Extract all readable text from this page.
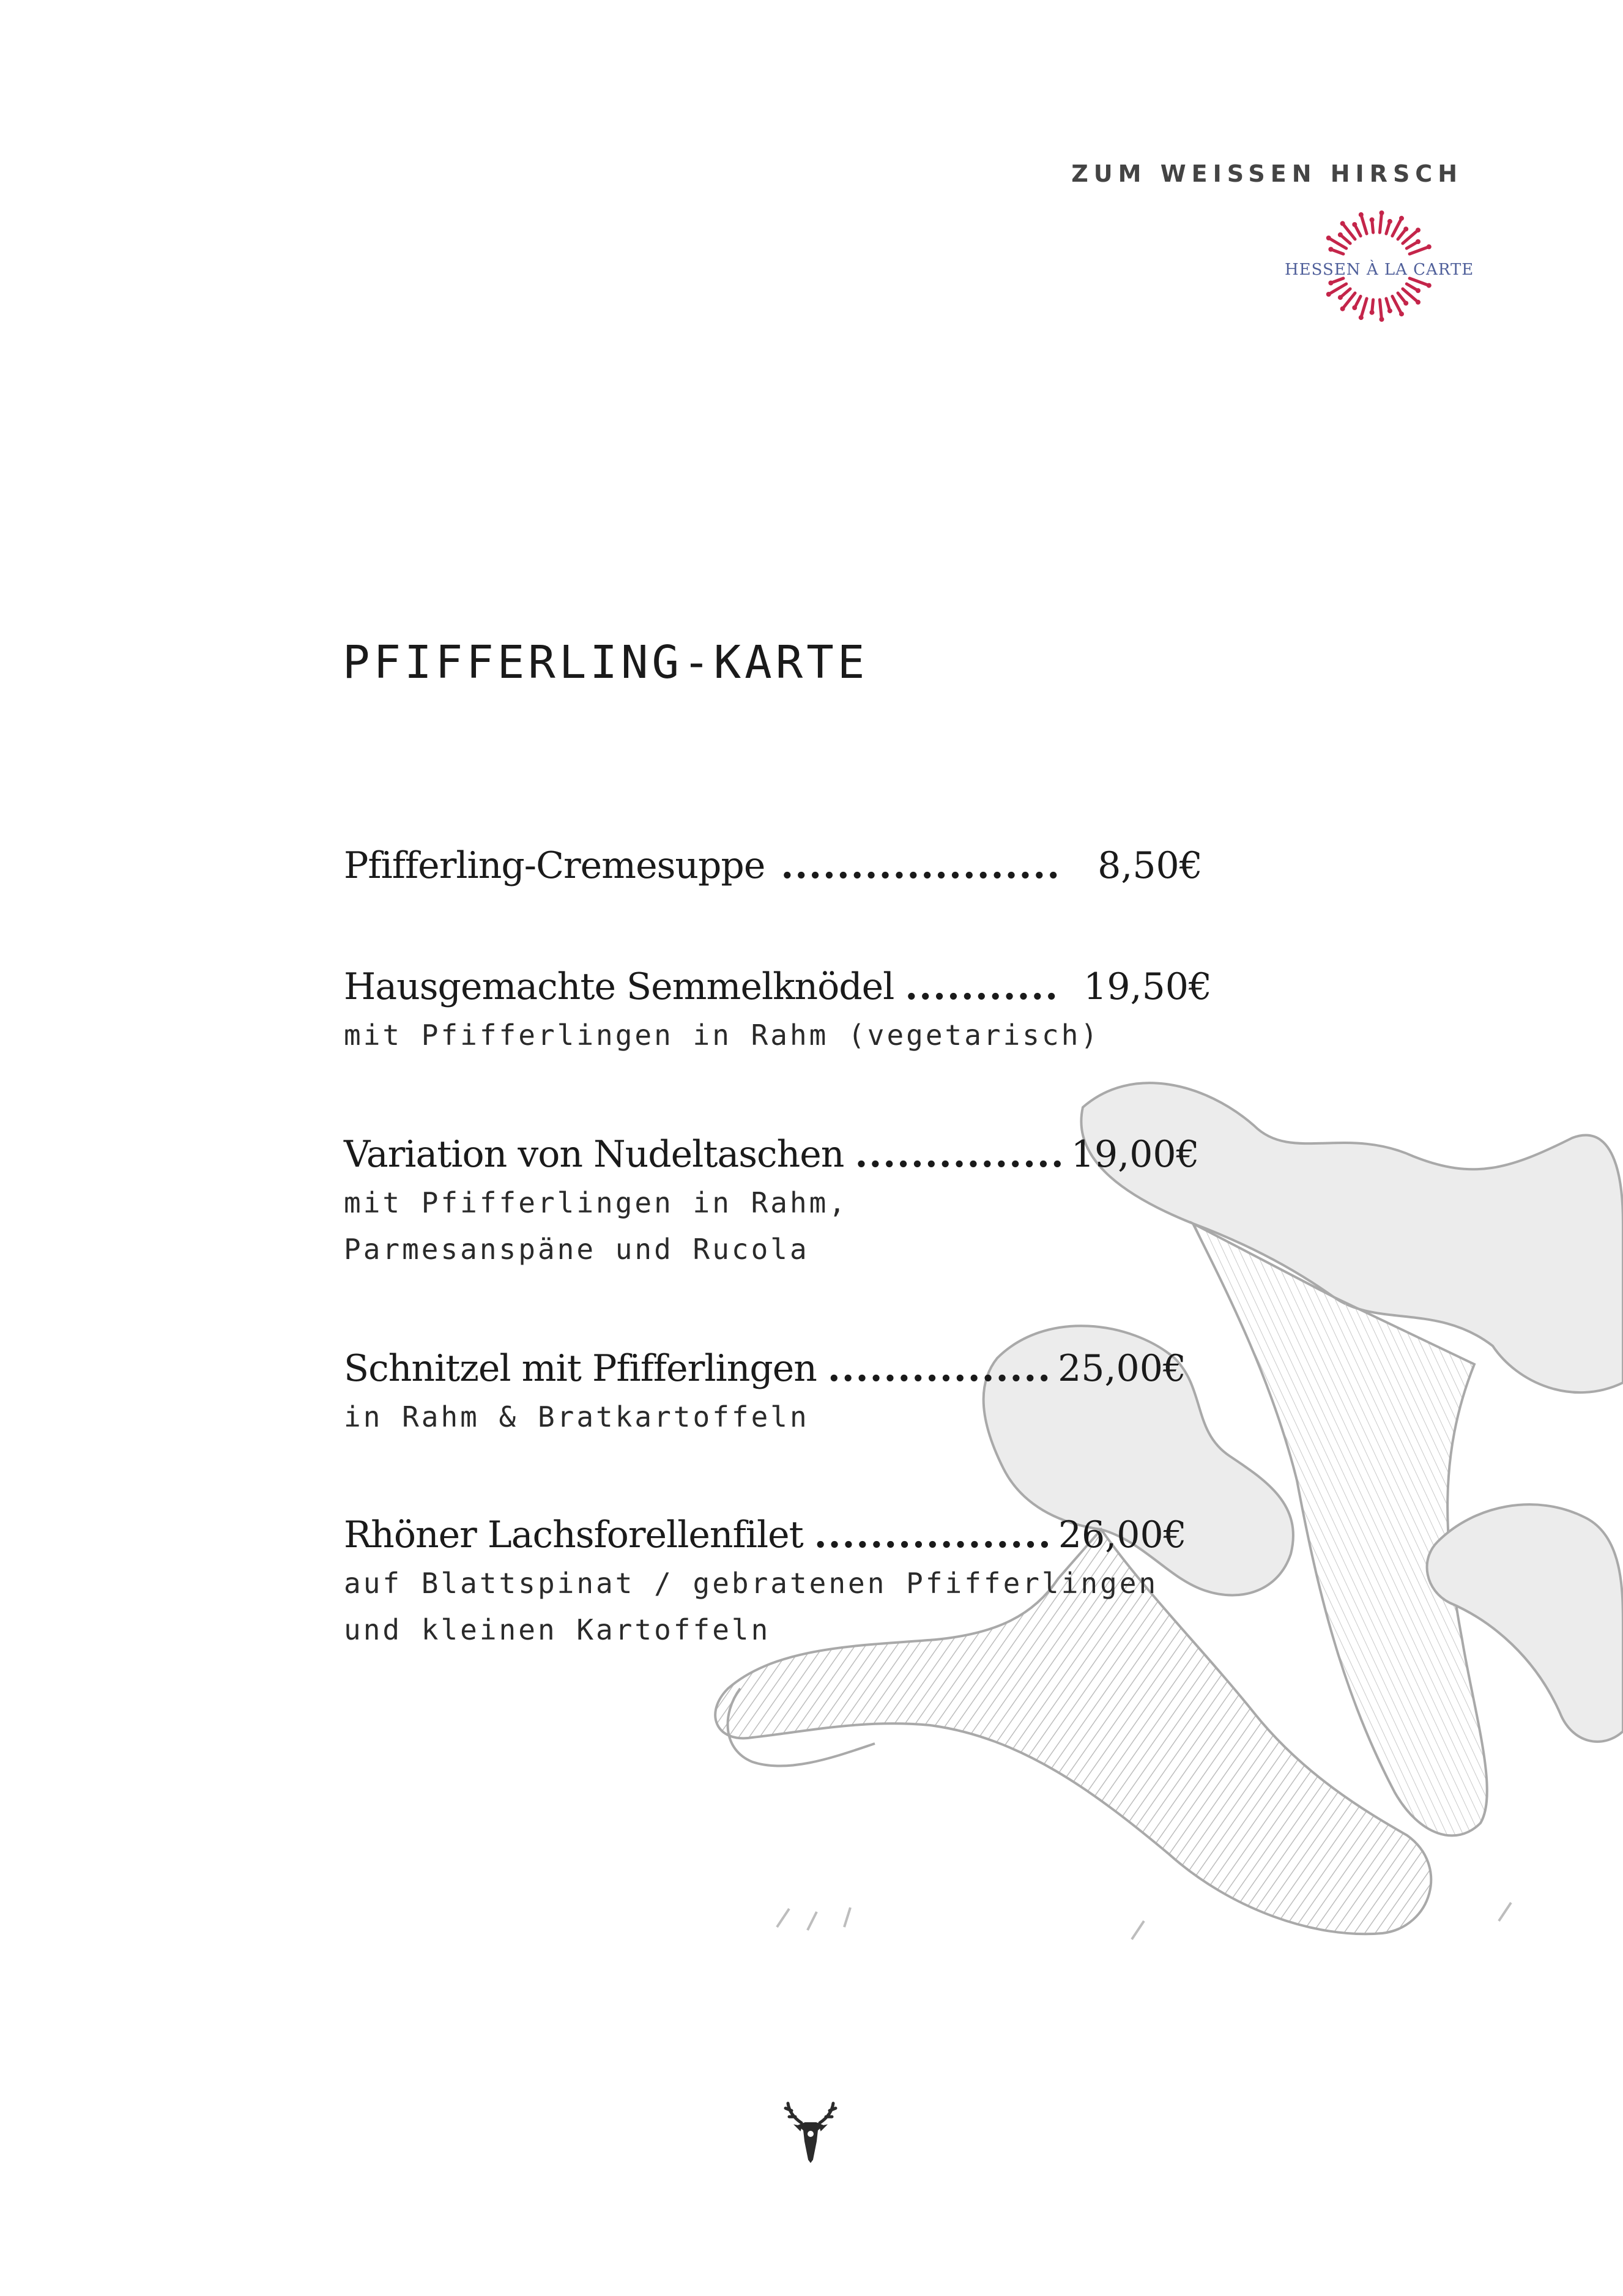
ZUM WEISSEN HIRSCH
HESSEN À LA CARTE
PFIFFERLING-KARTE
Pfifferling-Cremesuppe .................... 8,50€
Hausgemachte Semmelknödel ........... 19,50€
mit Pfifferlingen in Rahm (vegetarisch)
Variation von Nudeltaschen ............... 19,00€
mit Pfifferlingen in Rahm,
Parmesanspäne und Rucola
Schnitzel mit Pfifferlingen ................ 25,00€
in Rahm & Bratkartoffeln
Rhöner Lachsforellenfilet ................. 26,00€
auf Blattspinat / gebratenen Pfifferlingen
und kleinen Kartoffeln
